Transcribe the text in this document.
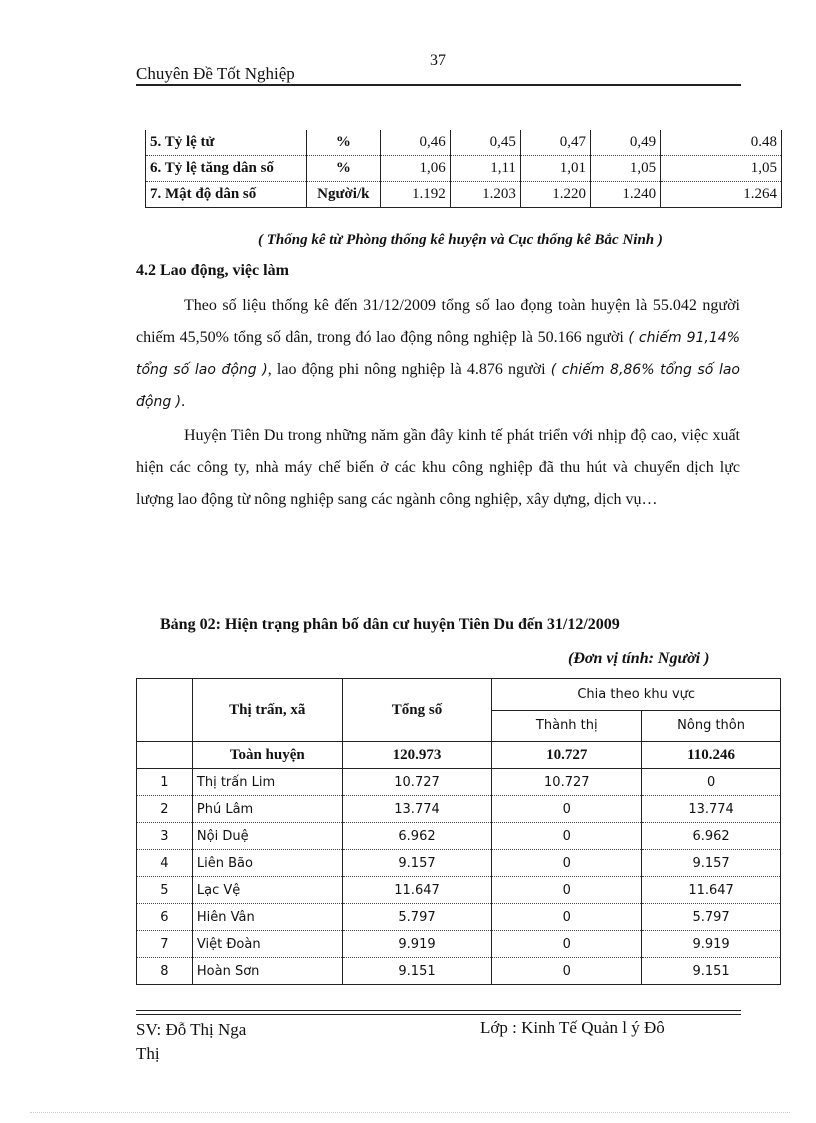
37
Chuyên Đề Tốt Nghiệp
5. Tỷ lệ tử	%	0,46	0,45	0,47	0,49	0.48
6. Tỷ lệ tăng dân số	%	1,06	1,11	1,01	1,05	1,05
7. Mật độ dân số	Người/k	1.192	1.203	1.220	1.240	1.264
( Thống kê từ Phòng thống kê huyện và Cục thống kê Bắc Ninh )
4.2 Lao động, việc làm

Theo số liệu thống kê đến 31/12/2009 tổng số lao đọng toàn huyện là 55.042 người chiếm 45,50% tổng số dân, trong đó lao động nông nghiệp là 50.166 người ( chiếm 91,14% tổng số lao động ), lao động phi nông nghiệp là 4.876 người ( chiếm 8,86% tổng số lao động ).

Huyện Tiên Du trong những năm gần đây kinh tế phát triển với nhịp độ cao, việc xuất hiện các công ty, nhà máy chế biến ở các khu công nghiệp đã thu hút và chuyển dịch lực lượng lao động từ nông nghiệp sang các ngành công nghiệp, xây dựng, dịch vụ…

Bảng 02: Hiện trạng phân bố dân cư huyện Tiên Du đến 31/12/2009
(Đơn vị tính: Người )
	Thị trấn, xã	Tổng số	Chia theo khu vực	
			Thành thị	Nông thôn
	Toàn huyện	120.973	10.727	110.246
1	Thị trấn Lim	10.727	10.727	0
2	Phú Lâm	13.774	0	13.774
3	Nội Duệ	6.962	0	6.962
4	Liên Bão	9.157	0	9.157
5	Lạc Vệ	11.647	0	11.647
6	Hiên Vân	5.797	0	5.797
7	Việt Đoàn	9.919	0	9.919
8	Hoàn Sơn	9.151	0	9.151
SV: Đỗ Thị Nga
Thị
Lớp : Kinh Tế Quản l ý Đô
